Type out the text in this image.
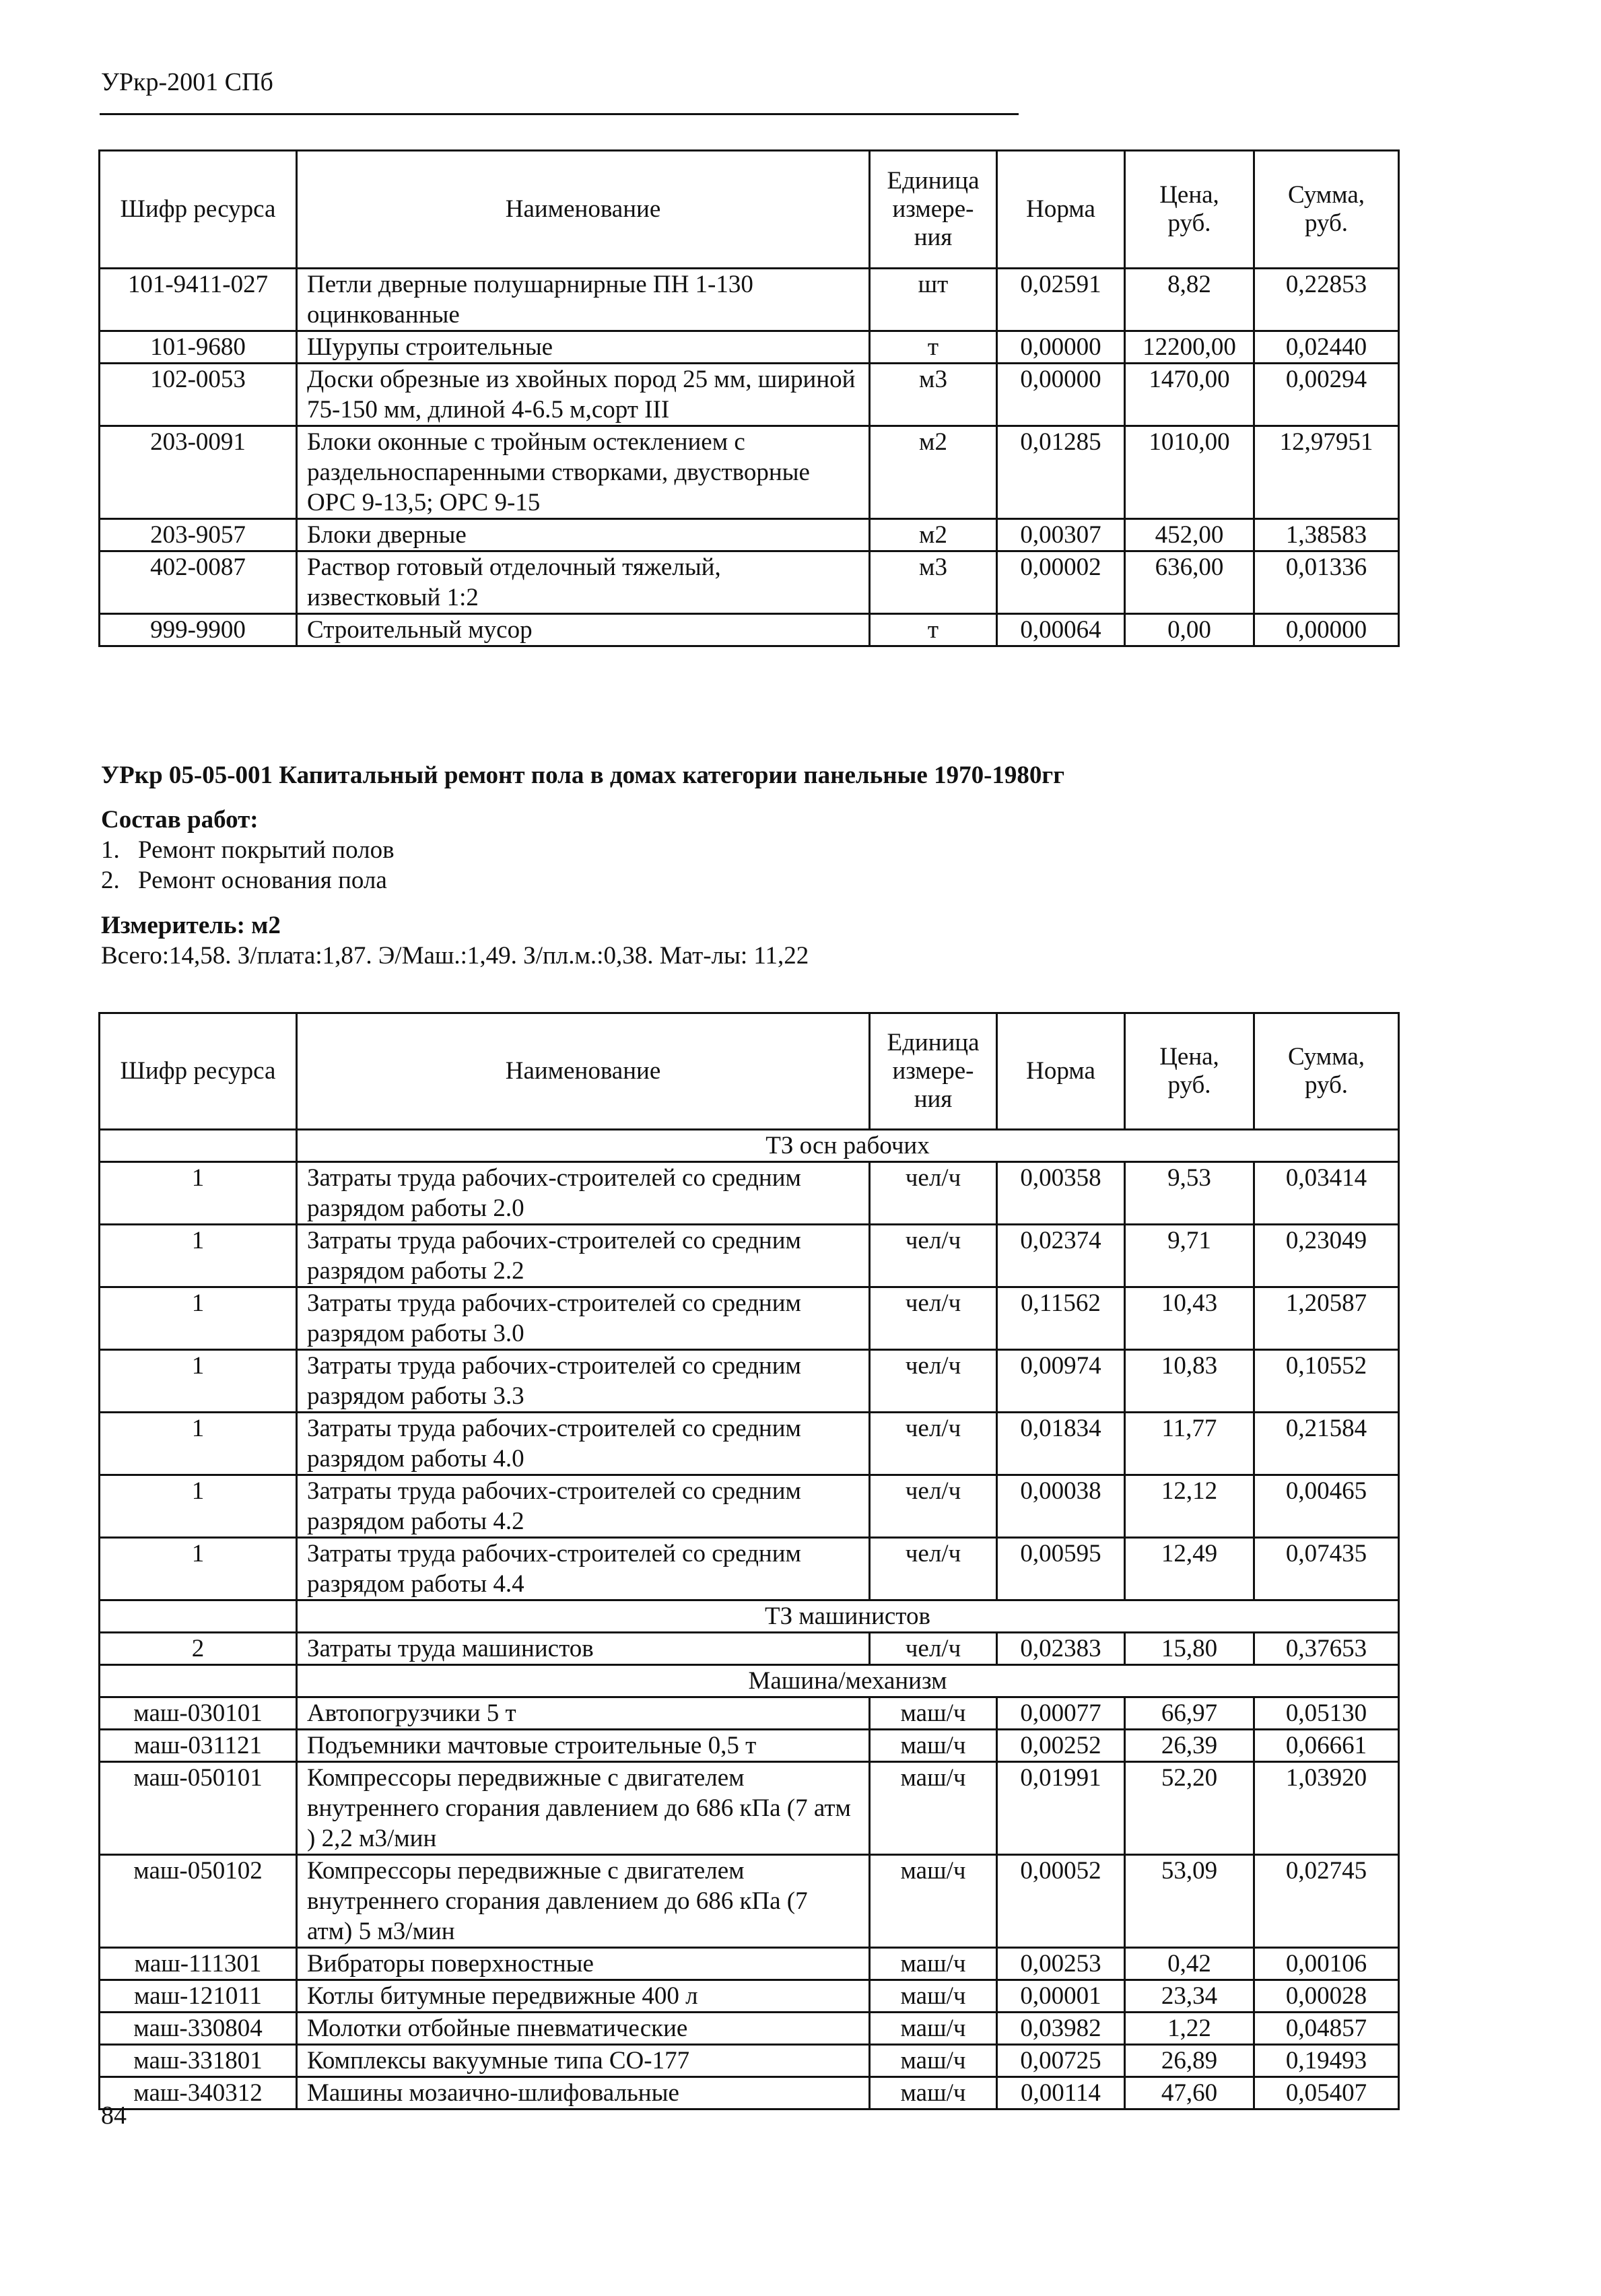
УРкр-2001 СПб
Шифр ресурса	Наименование	Единица измере- ния	Норма	Цена, руб.	Сумма, руб.
101-9411-027	Петли дверные полушарнирные ПН 1-130 оцинкованные	шт	0,02591	8,82	0,22853
101-9680	Шурупы строительные	т	0,00000	12200,00	0,02440
102-0053	Доски обрезные из хвойных пород 25 мм, шириной 75-150 мм, длиной 4-6.5 м,сорт III	м3	0,00000	1470,00	0,00294
203-0091	Блоки оконные с тройным остеклением с раздельноспаренными створками, двустворные ОРС 9-13,5; ОРС 9-15	м2	0,01285	1010,00	12,97951
203-9057	Блоки дверные	м2	0,00307	452,00	1,38583
402-0087	Раствор готовый отделочный тяжелый, известковый 1:2	м3	0,00002	636,00	0,01336
999-9900	Строительный мусор	т	0,00064	0,00	0,00000
УРкр 05-05-001 Капитальный ремонт пола в домах категории панельные 1970-1980гг
Состав работ:
1. Ремонт покрытий полов
2. Ремонт основания пола
Измеритель: м2
Всего:14,58. З/плата:1,87. Э/Маш.:1,49. З/пл.м.:0,38. Мат-лы: 11,22
Шифр ресурса	Наименование	Единица измере- ния	Норма	Цена, руб.	Сумма, руб.
	ТЗ осн рабочих				
1	Затраты труда рабочих-строителей со средним разрядом работы 2.0	чел/ч	0,00358	9,53	0,03414
1	Затраты труда рабочих-строителей со средним разрядом работы 2.2	чел/ч	0,02374	9,71	0,23049
1	Затраты труда рабочих-строителей со средним разрядом работы 3.0	чел/ч	0,11562	10,43	1,20587
1	Затраты труда рабочих-строителей со средним разрядом работы 3.3	чел/ч	0,00974	10,83	0,10552
1	Затраты труда рабочих-строителей со средним разрядом работы 4.0	чел/ч	0,01834	11,77	0,21584
1	Затраты труда рабочих-строителей со средним разрядом работы 4.2	чел/ч	0,00038	12,12	0,00465
1	Затраты труда рабочих-строителей со средним разрядом работы 4.4	чел/ч	0,00595	12,49	0,07435
	ТЗ машинистов				
2	Затраты труда машинистов	чел/ч	0,02383	15,80	0,37653
	Машина/механизм				
маш-030101	Автопогрузчики 5 т	маш/ч	0,00077	66,97	0,05130
маш-031121	Подъемники мачтовые строительные 0,5 т	маш/ч	0,00252	26,39	0,06661
маш-050101	Компрессоры передвижные с двигателем внутреннего сгорания давлением до 686 кПа (7 атм ) 2,2 м3/мин	маш/ч	0,01991	52,20	1,03920
маш-050102	Компрессоры передвижные с двигателем внутреннего сгорания давлением до 686 кПа (7 атм) 5 м3/мин	маш/ч	0,00052	53,09	0,02745
маш-111301	Вибраторы поверхностные	маш/ч	0,00253	0,42	0,00106
маш-121011	Котлы битумные передвижные 400 л	маш/ч	0,00001	23,34	0,00028
маш-330804	Молотки отбойные пневматические	маш/ч	0,03982	1,22	0,04857
маш-331801	Комплексы вакуумные типа СО-177	маш/ч	0,00725	26,89	0,19493
маш-340312	Машины мозаично-шлифовальные	маш/ч	0,00114	47,60	0,05407
84
